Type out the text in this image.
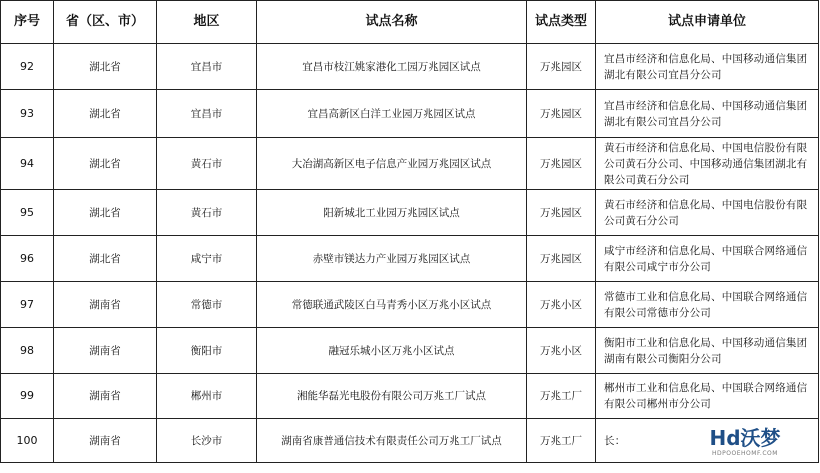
序号	省（区、市）	地区	试点名称	试点类型	试点申请单位
92	湖北省	宜昌市	宜昌市枝江姚家港化工园万兆园区试点	万兆园区	宜昌市经济和信息化局、中国移动通信集团湖北有限公司宜昌分公司
93	湖北省	宜昌市	宜昌高新区白洋工业园万兆园区试点	万兆园区	宜昌市经济和信息化局、中国移动通信集团湖北有限公司宜昌分公司
94	湖北省	黄石市	大冶湖高新区电子信息产业园万兆园区试点	万兆园区	黄石市经济和信息化局、中国电信股份有限公司黄石分公司、中国移动通信集团湖北有限公司黄石分公司
95	湖北省	黄石市	阳新城北工业园万兆园区试点	万兆园区	黄石市经济和信息化局、中国电信股份有限公司黄石分公司
96	湖北省	咸宁市	赤壁市镁达力产业园万兆园区试点	万兆园区	咸宁市经济和信息化局、中国联合网络通信有限公司咸宁市分公司
97	湖南省	常德市	常德联通武陵区白马青秀小区万兆小区试点	万兆小区	常德市工业和信息化局、中国联合网络通信有限公司常德市分公司
98	湖南省	衡阳市	融冠乐城小区万兆小区试点	万兆小区	衡阳市工业和信息化局、中国移动通信集团湖南有限公司衡阳分公司
99	湖南省	郴州市	湘能华磊光电股份有限公司万兆工厂试点	万兆工厂	郴州市工业和信息化局、中国联合网络通信有限公司郴州市分公司
100	湖南省	长沙市	湖南省康普通信技术有限责任公司万兆工厂试点	万兆工厂	长：	Hd沃梦
HDPOOEHOMF.COM
